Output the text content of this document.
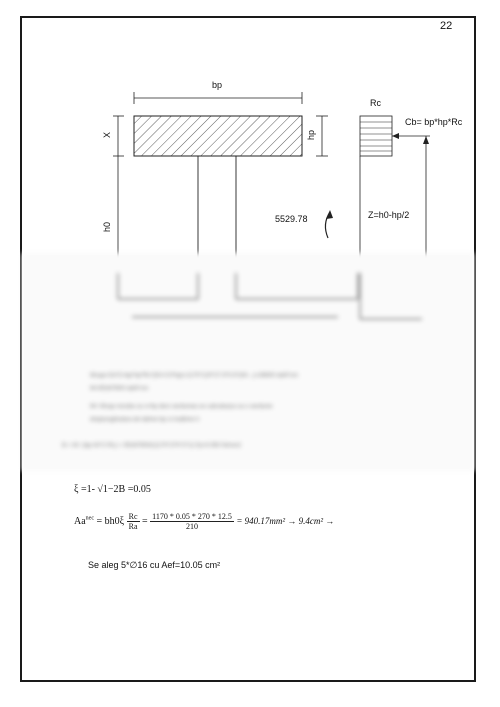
22
bp
X	hp
h0
Rc
Cb= bp*hp*Rc
Z=h0-hp/2
5529.78
Mcap=Cb*Z=bp*hp*Rc*(h0-0.5*hp)=1170*120*27.5*0.5*(h0-..)=26600 daN*cm
M=55287600 daN*cm
M< Mcap rezulta ca x<hp deci sectiunea se calculeaza ca o sectiune
dreptunghiulara de latime bp si inaltime h
B = M / (bp h0^2 Rc) = 55287600/(1170*270^2*12.5)=0.050 N/mm2
ξ =1- √1−2B =0.05
$Aa^{nec} = bh0\xi \frac{Rc}{Ra} = \frac{1170 * 0.05 * 270 * 12.5}{210} = 940.17mm^2 \to 9.4cm^2$ →
Se aleg 5*∅16 cu Aef=10.05 cm²
